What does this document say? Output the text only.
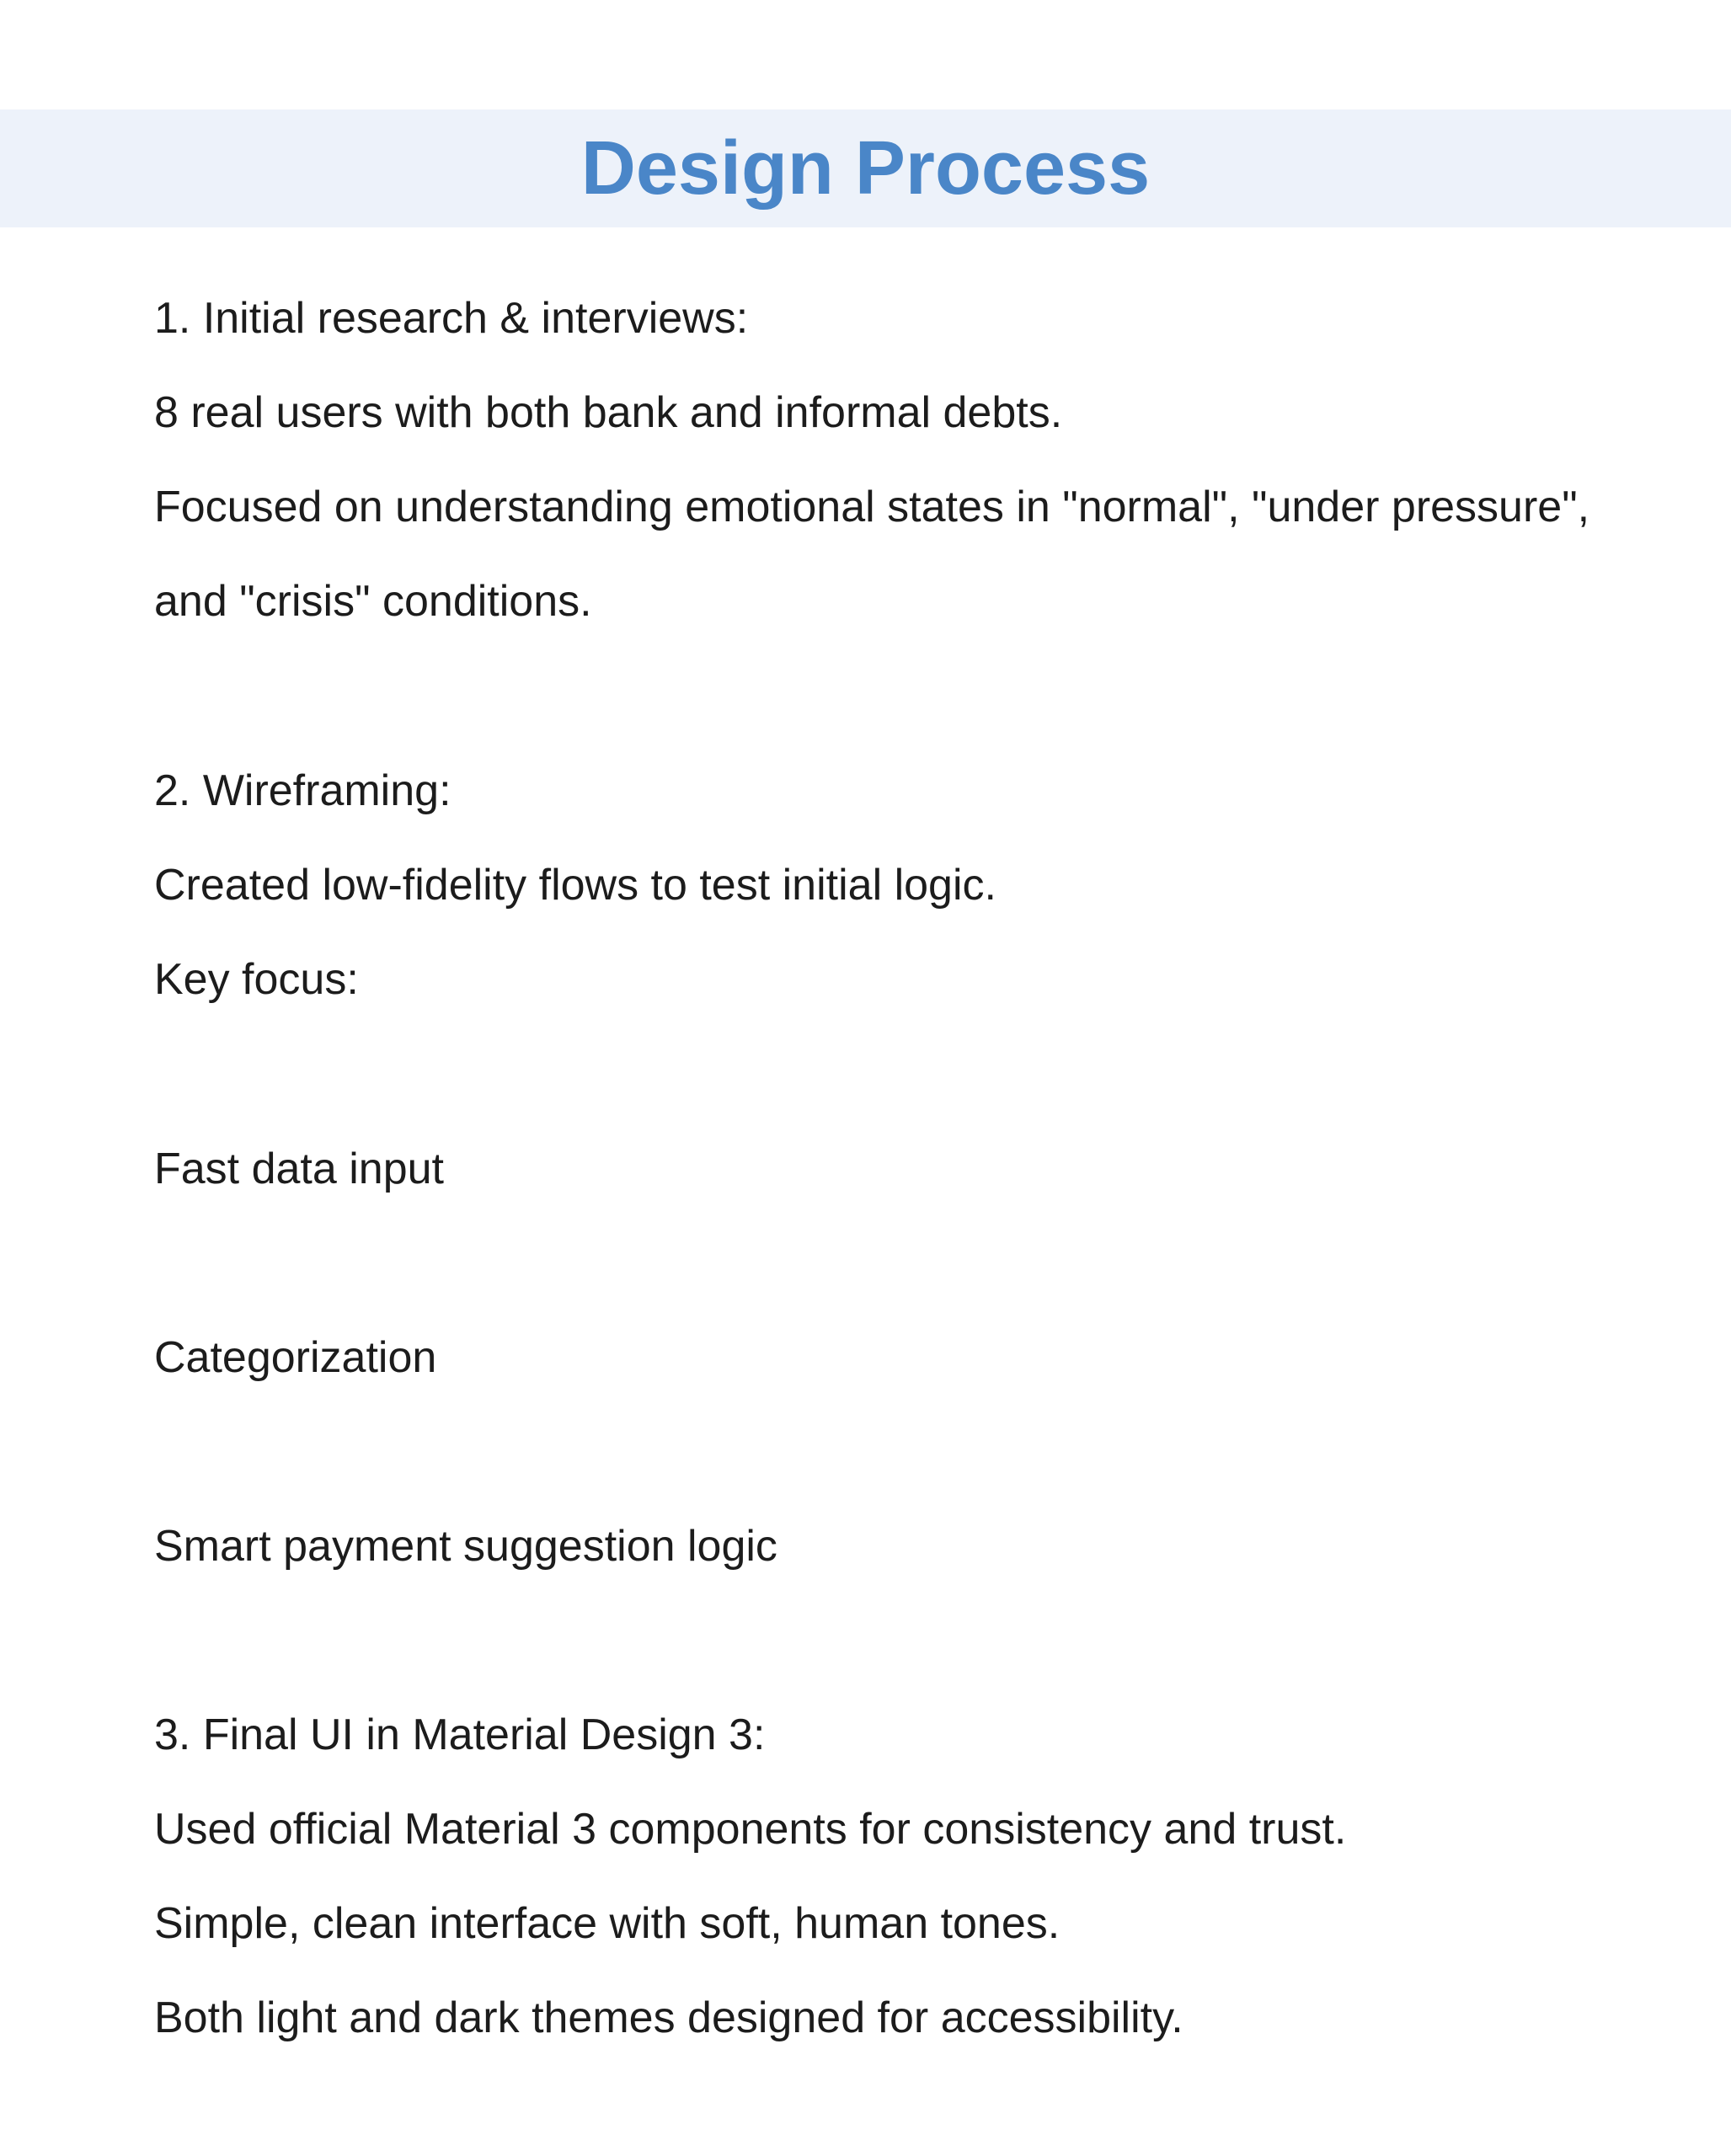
Design Process
1. Initial research & interviews:
8 real users with both bank and informal debts.
Focused on understanding emotional states in "normal", "under pressure",
and "crisis" conditions.
2. Wireframing:
Created low-fidelity flows to test initial logic.
Key focus:
Fast data input
Categorization
Smart payment suggestion logic
3. Final UI in Material Design 3:
Used official Material 3 components for consistency and trust.
Simple, clean interface with soft, human tones.
Both light and dark themes designed for accessibility.
